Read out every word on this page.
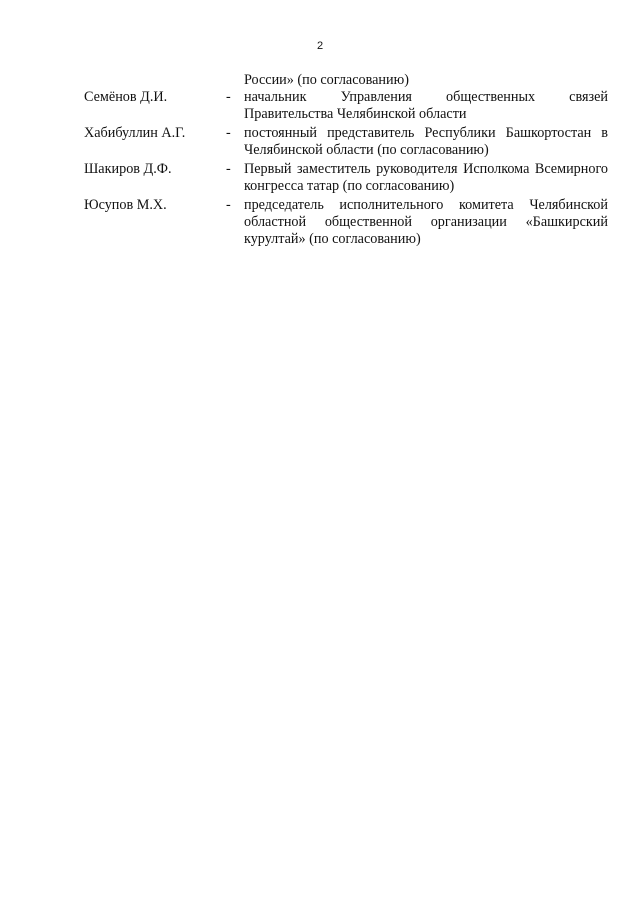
2
России» (по согласованию)
Семёнов Д.И.	- начальник Управления общественных связей Правительства Челябинской области
Хабибуллин А.Г.	- постоянный представитель Республики Башкортостан в Челябинской области (по согласованию)
Шакиров Д.Ф.	- Первый заместитель руководителя Исполкома Всемирного конгресса татар (по согласованию)
Юсупов М.Х.	- председатель исполнительного комитета Челябинской областной общественной организации «Башкирский курултай» (по согласованию)
